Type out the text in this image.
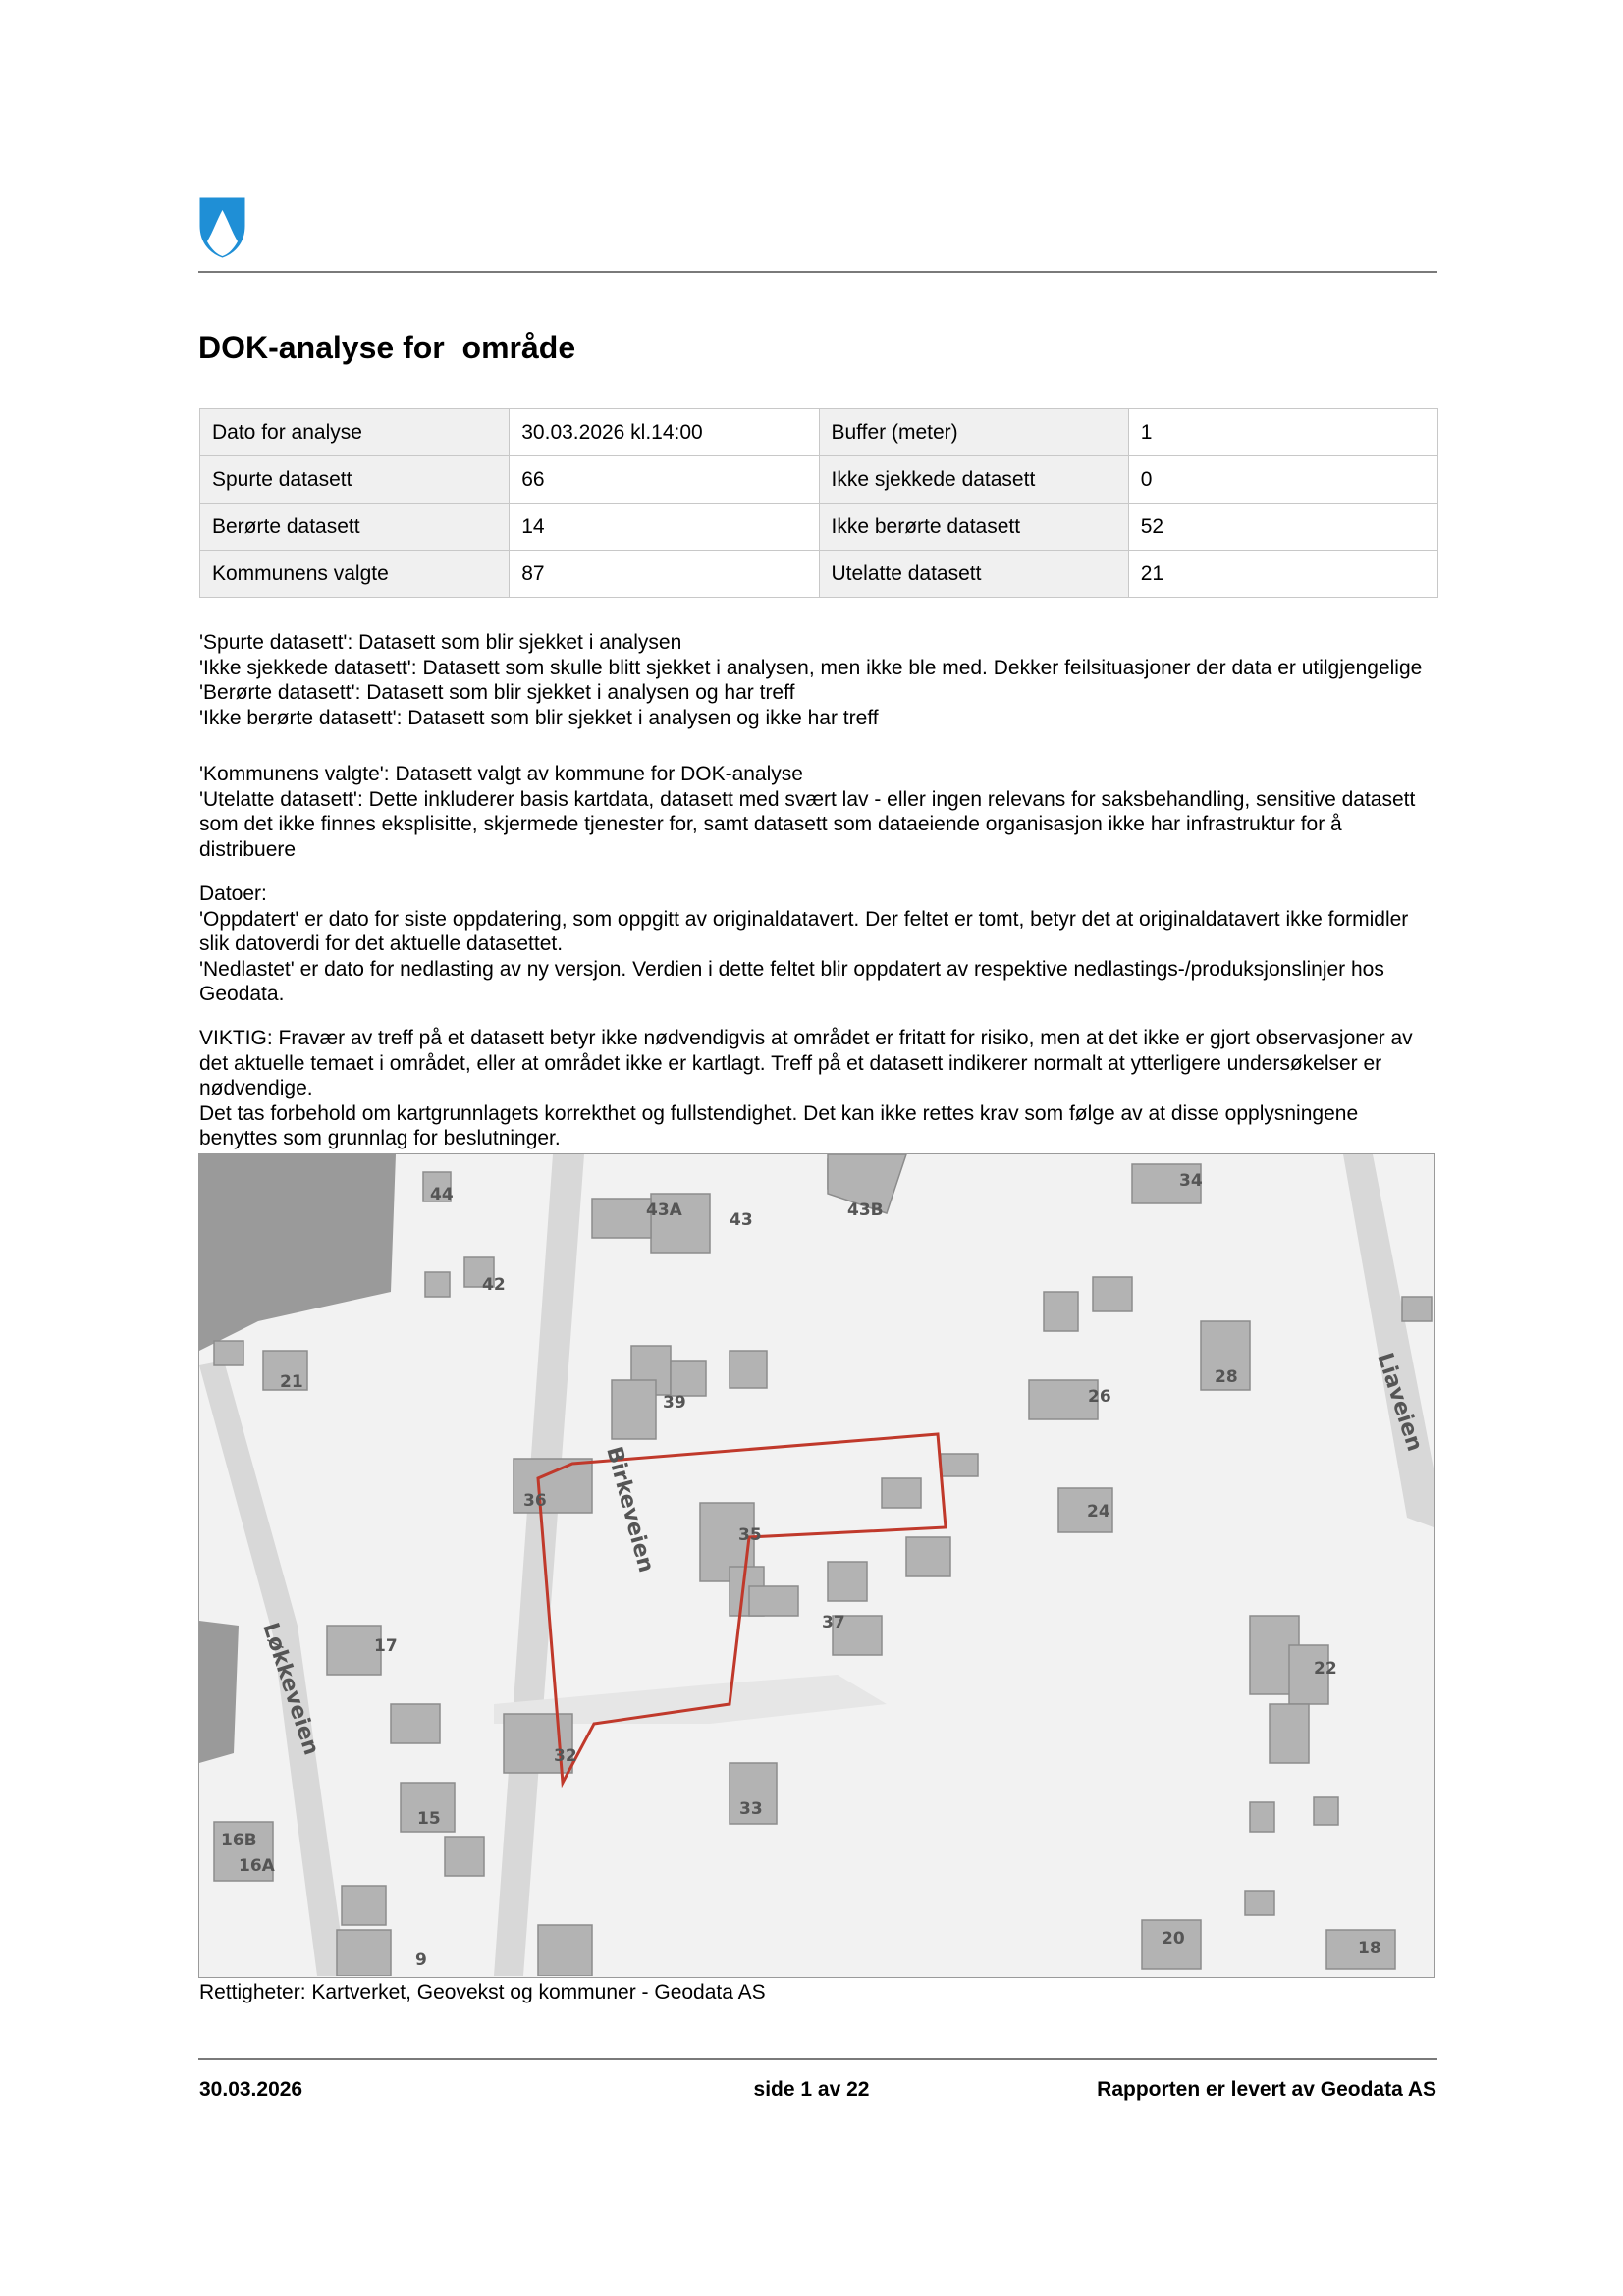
DOK-analyse for  område
Dato for analyse	30.03.2026 kl.14:00	Buffer (meter)	1
Spurte datasett	66	Ikke sjekkede datasett	0
Berørte datasett	14	Ikke berørte datasett	52
Kommunens valgte	87	Utelatte datasett	21

'Spurte datasett': Datasett som blir sjekket i analysen

'Ikke sjekkede datasett': Datasett som skulle blitt sjekket i analysen, men ikke ble med. Dekker feilsituasjoner der data er utilgjengelige

'Berørte datasett': Datasett som blir sjekket i analysen og har treff

'Ikke berørte datasett': Datasett som blir sjekket i analysen og ikke har treff

'Kommunens valgte': Datasett valgt av kommune for DOK-analyse

'Utelatte datasett': Dette inkluderer basis kartdata, datasett med svært lav - eller ingen relevans for saksbehandling, sensitive datasett som det ikke finnes eksplisitte, skjermede tjenester for, samt datasett som dataeiende organisasjon ikke har infrastruktur for å distribuere

Datoer:

'Oppdatert' er dato for siste oppdatering, som oppgitt av originaldatavert. Der feltet er tomt, betyr det at originaldatavert ikke formidler slik datoverdi for det aktuelle datasettet.

'Nedlastet' er dato for nedlasting av ny versjon. Verdien i dette feltet blir oppdatert av respektive nedlastings-/produksjonslinjer hos Geodata.

VIKTIG: Fravær av treff på et datasett betyr ikke nødvendigvis at området er fritatt for risiko, men at det ikke er gjort observasjoner av det aktuelle temaet i området, eller at området ikke er kartlagt. Treff på et datasett indikerer normalt at ytterligere undersøkelser er nødvendige.

Det tas forbehold om kartgrunnlagets korrekthet og fullstendighet. Det kan ikke rettes krav som følge av at disse opplysningene benyttes som grunnlag for beslutninger.

Birkeveien
Løkkeveien
Liaveien
44
43A	43	43B
34
42
21
39	26
28
36
35
24
37
17
22
32
33
15
16B
16A
9
20	18
Rettigheter: Kartverket, Geovekst og kommuner - Geodata AS
30.03.2026	side 1 av 22	Rapporten er levert av Geodata AS
